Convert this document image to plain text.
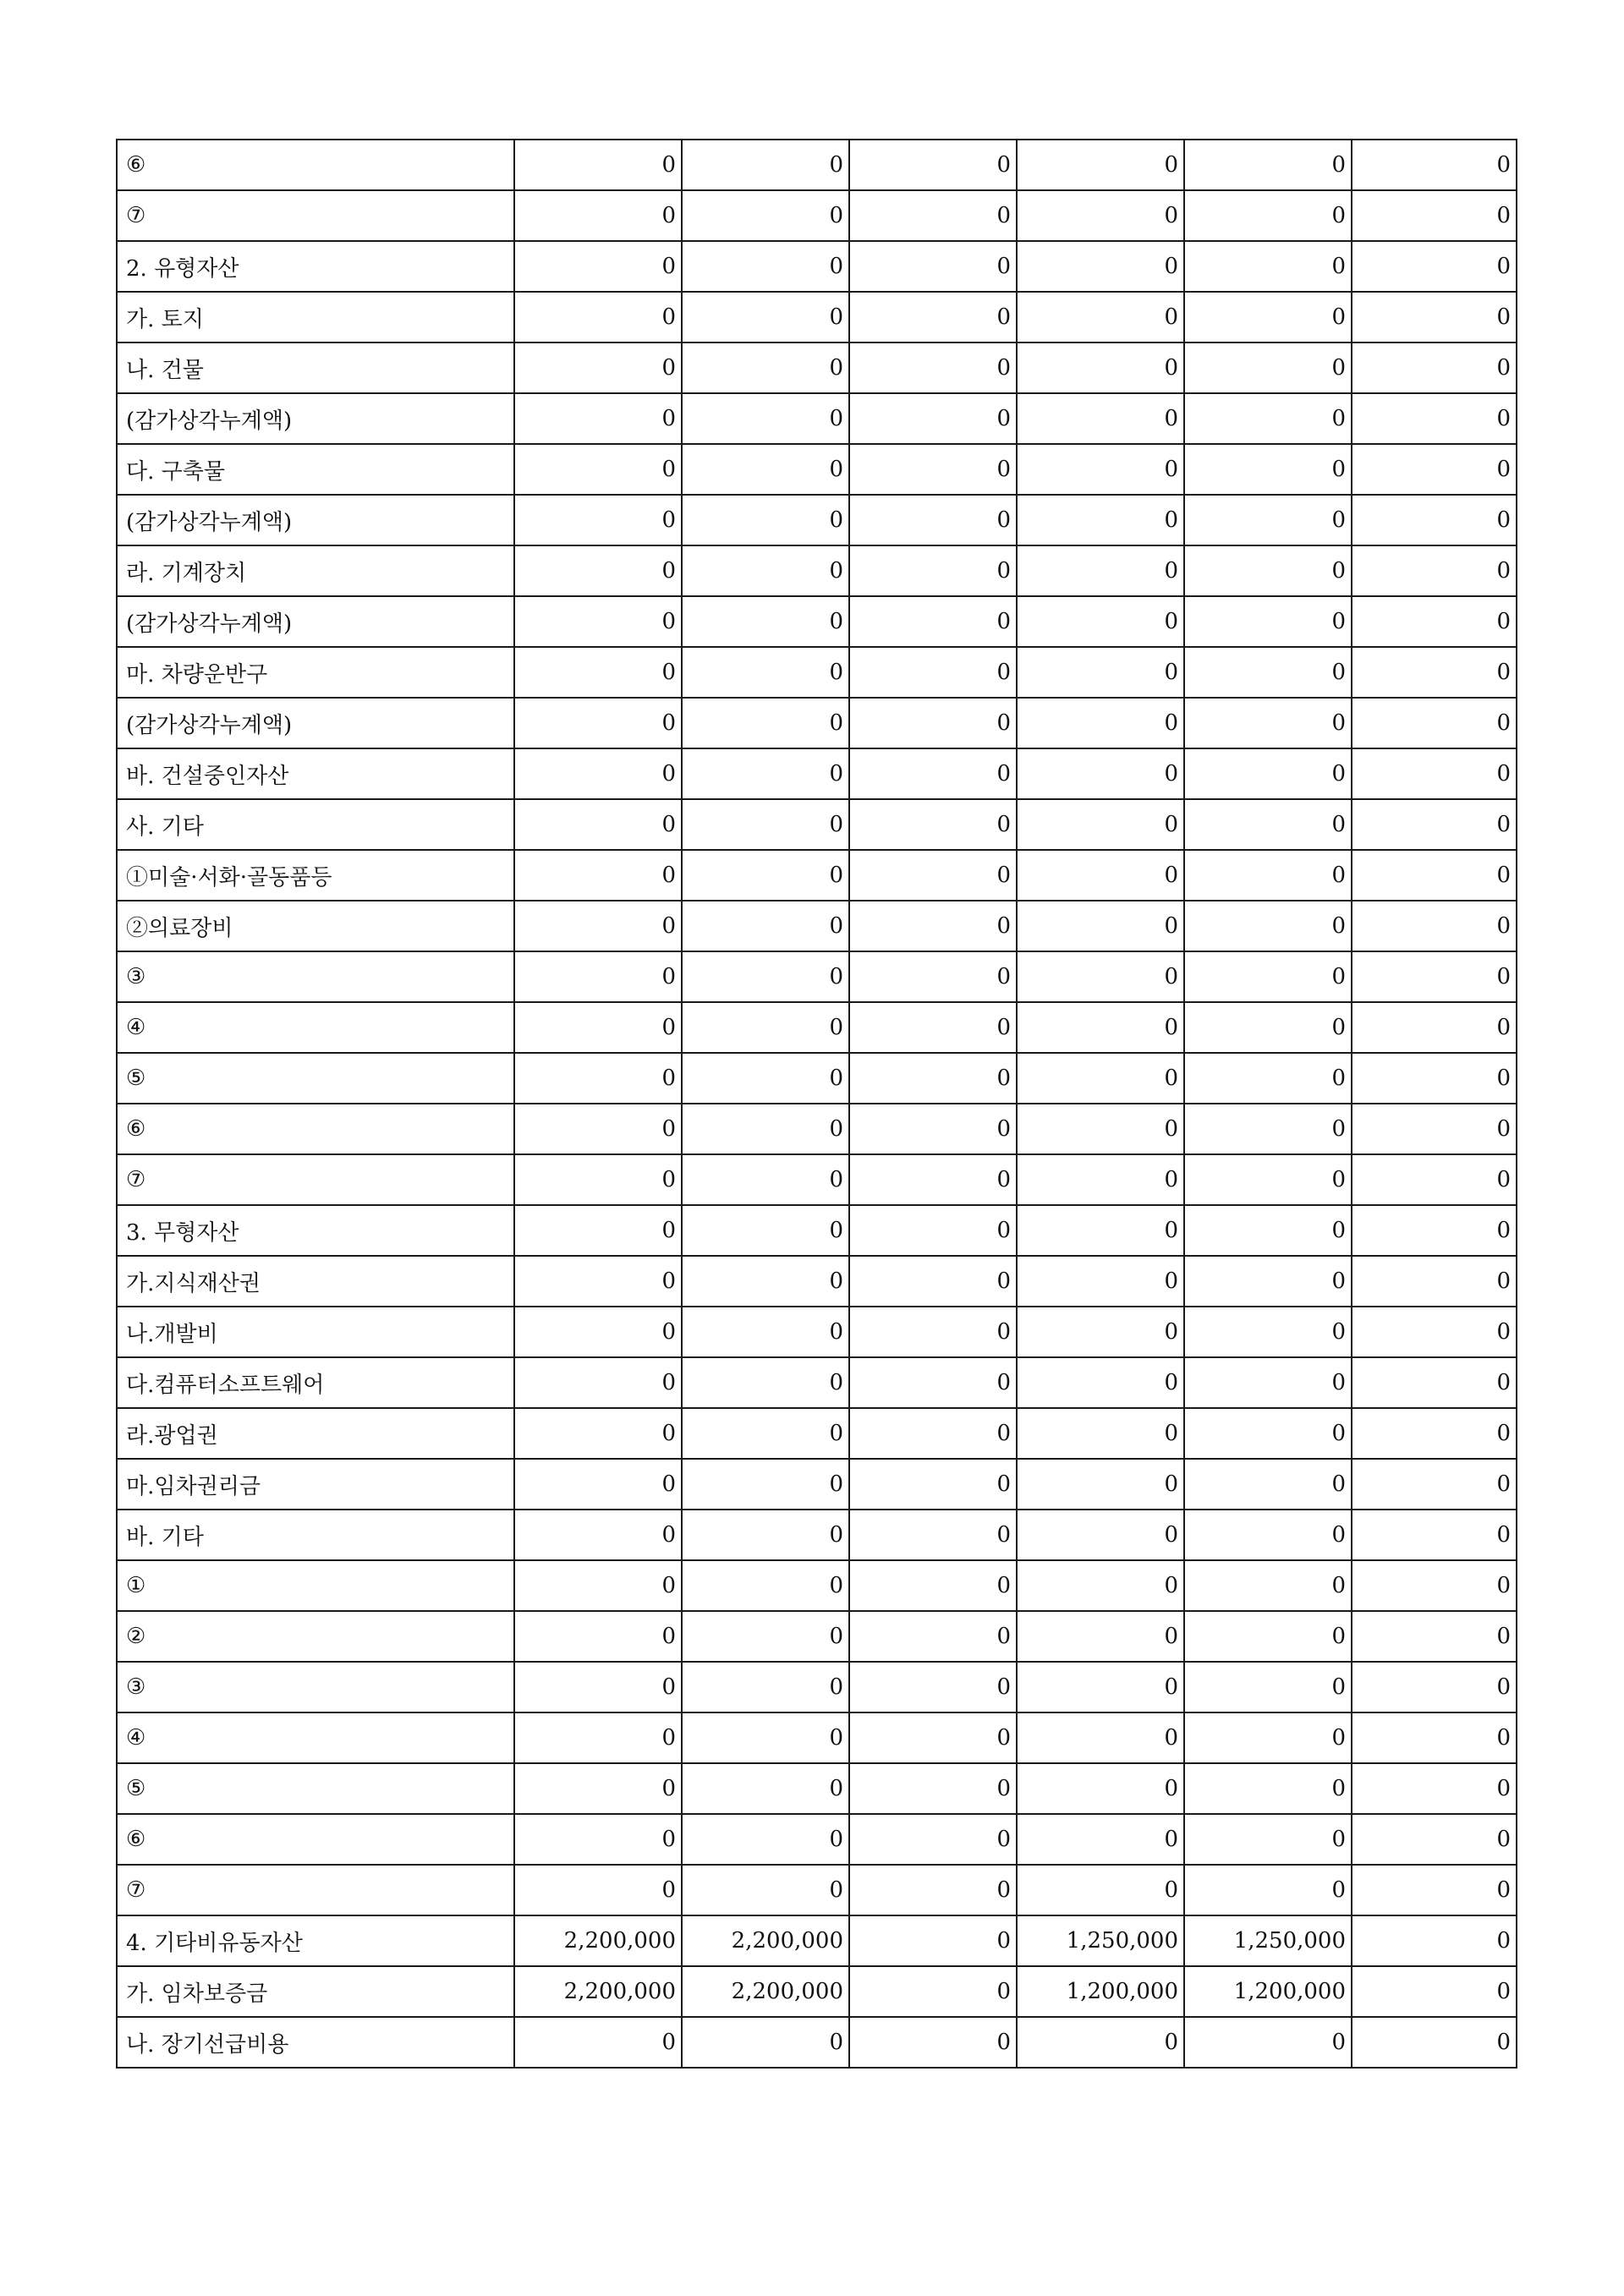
⑥	0	0	0	0	0	0
⑦	0	0	0	0	0	0
2. 유형자산	0	0	0	0	0	0
가. 토지	0	0	0	0	0	0
나. 건물	0	0	0	0	0	0
(감가상각누계액)	0	0	0	0	0	0
다. 구축물	0	0	0	0	0	0
(감가상각누계액)	0	0	0	0	0	0
라. 기계장치	0	0	0	0	0	0
(감가상각누계액)	0	0	0	0	0	0
마. 차량운반구	0	0	0	0	0	0
(감가상각누계액)	0	0	0	0	0	0
바. 건설중인자산	0	0	0	0	0	0
사. 기타	0	0	0	0	0	0
①미술·서화·골동품등	0	0	0	0	0	0
②의료장비	0	0	0	0	0	0
③	0	0	0	0	0	0
④	0	0	0	0	0	0
⑤	0	0	0	0	0	0
⑥	0	0	0	0	0	0
⑦	0	0	0	0	0	0
3. 무형자산	0	0	0	0	0	0
가.지식재산권	0	0	0	0	0	0
나.개발비	0	0	0	0	0	0
다.컴퓨터소프트웨어	0	0	0	0	0	0
라.광업권	0	0	0	0	0	0
마.임차권리금	0	0	0	0	0	0
바. 기타	0	0	0	0	0	0
①	0	0	0	0	0	0
②	0	0	0	0	0	0
③	0	0	0	0	0	0
④	0	0	0	0	0	0
⑤	0	0	0	0	0	0
⑥	0	0	0	0	0	0
⑦	0	0	0	0	0	0
4. 기타비유동자산	2,200,000	2,200,000	0	1,250,000	1,250,000	0
가. 임차보증금	2,200,000	2,200,000	0	1,200,000	1,200,000	0
나. 장기선급비용	0	0	0	0	0	0
